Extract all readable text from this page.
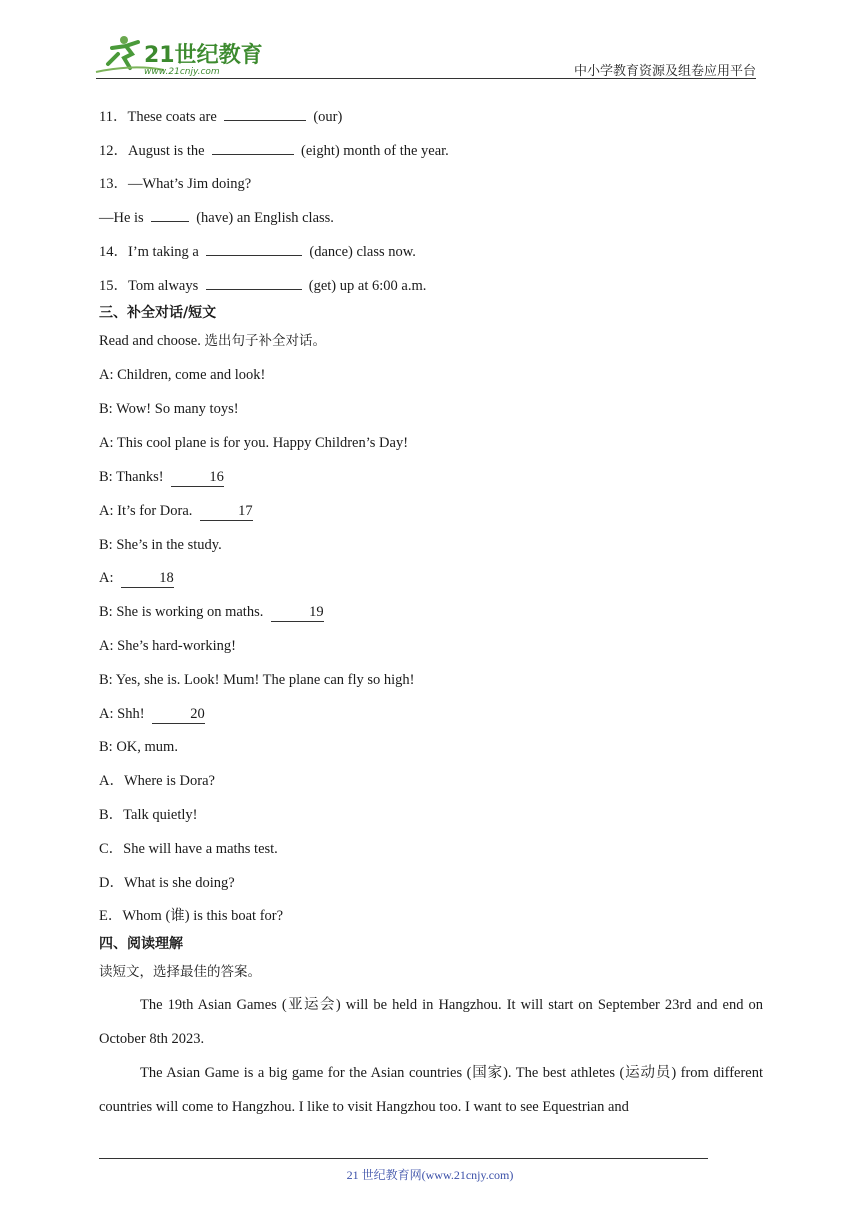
21世纪教育
www.21cnjy.com	中小学教育资源及组卷应用平台
11．These coats are	(our)
12．August is the	(eight) month of the year.
13．—What’s Jim doing?
—He is	(have) an English class.
14．I’m taking a	(dance) class now.
15．Tom always	(get) up at 6:00 a.m.
三、补全对话/短文
Read and choose. 选出句子补全对话。
A: Children, come and look!
B: Wow! So many toys!
A: This cool plane is for you. Happy Children’s Day!
B: Thanks!	16
A: It’s for Dora.	17
B: She’s in the study.
A:	18
B: She is working on maths.	19
A: She’s hard-working!
B: Yes, she is. Look! Mum! The plane can fly so high!
A: Shh!	20
B: OK, mum.
A．Where is Dora?
B．Talk quietly!
C．She will have a maths test.
D．What is she doing?
E．Whom (谁) is this boat for?
四、阅读理解
读短文，选择最佳的答案。
The 19th Asian Games (亚运会) will be held in Hangzhou. It will start on September 23rd and end on October 8th 2023.
The Asian Game is a big game for the Asian countries (国家). The best athletes (运动员) from different countries will come to Hangzhou. I like to visit Hangzhou too. I want to see Equestrian and
21 世纪教育网(www.21cnjy.com)
